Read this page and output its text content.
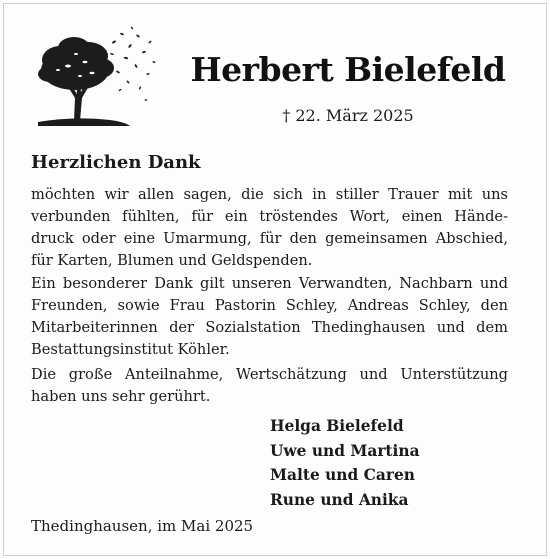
Herbert Bielefeld
† 22. März 2025
Herzlichen Dank
möchten wir allen sagen, die sich in stiller Trauer mit uns
verbunden fühlten, für ein tröstendes Wort, einen Hände-
druck oder eine Umarmung, für den gemeinsamen Abschied,
für Karten, Blumen und Geldspenden.
Ein besonderer Dank gilt unseren Verwandten, Nachbarn und
Freunden, sowie Frau Pastorin Schley, Andreas Schley, den
Mitarbeiterinnen der Sozialstation Thedinghausen und dem
Bestattungsinstitut Köhler.
Die große Anteilnahme, Wertschätzung und Unterstützung
haben uns sehr gerührt.
Helga Bielefeld
Uwe und Martina
Malte und Caren
Rune und Anika
Thedinghausen, im Mai 2025
